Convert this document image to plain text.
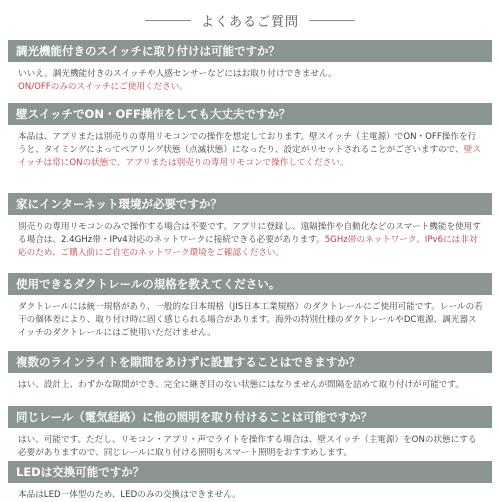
よくあるご質問
調光機能付きのスイッチに取り付けは可能ですか？

いいえ。調光機能付きのスイッチや人感センサーなどにはお取り付けできません。

ON/OFFのみのスイッチにご使用ください。

壁スイッチでON・OFF操作をしても大丈夫ですか？

本品は、アプリまたは別売りの専用リモコンでの操作を想定しております。壁スイッチ（主電源）でON・OFF操作を行うと、タイミングによってペアリング状態（点滅状態）になったり、設定がリセットされることがございますので、壁スイッチは常にONの状態で、アプリまたは別売りの専用リモコンで操作してください。

家にインターネット環境が必要ですか？

別売りの専用リモコンのみで操作する場合は不要です。アプリに登録し、遠隔操作や自動化などのスマート機能を使用する場合は、2.4GHz帯・IPv4対応のネットワークに接続できる必要があります。5GHz帯のネットワーク、IPv6には非対応のため、ご購入前にご自宅のネットワーク環境をご確認ください。

使用できるダクトレールの規格を教えてください。

ダクトレールには統一規格があり、一般的な日本規格（JIS日本工業規格）のダクトレールにご使用可能です。レールの若干の個体差により、取り付け時に固く感じられる場合があります。海外の特別仕様のダクトレールやDC電源、調光器スイッチのダクトレールにはご使用いただけません。

複数のラインライトを隙間をあけずに設置することはできますか？

はい、設計上、わずかな隙間ができ、完全に継ぎ目のない状態にはなりませんが間隔を詰めて取り付けが可能です。

同じレール（電気経路）に他の照明を取り付けることは可能ですか？

はい、可能です。ただし、リモコン・アプリ・声でライトを操作する場合は、壁スイッチ（主電源）をONの状態にする必要がありますので、同じレールに取り付ける照明もスマート照明をおすすめします。

LEDは交換可能ですか？

本品はLED一体型のため、LEDのみの交換はできません。
